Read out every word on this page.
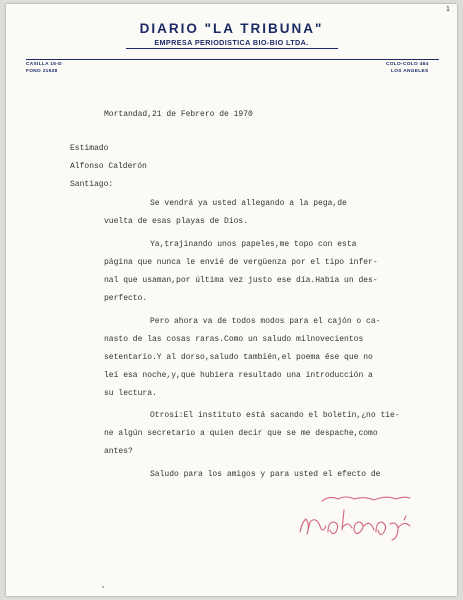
1
DIARIO "LA TRIBUNA"
EMPRESA PERIODISTICA BIO-BIO LTDA.
CASILLA 15-D
FONO 21928
COLO-COLO 464
LOS ANGELES
Mortandad,21 de Febrero de 1970
Estimado
Alfonso Calderón
Santiago:
Se vendrá ya usted allegando a la pega,de
vuelta de esas playas de Dios.
Ya,trajinando unos papeles,me topo con esta
página que nunca le envié de vergüenza por el tipo infer-
nal que usaman,por última vez justo ese día.Había un des-
perfecto.
Pero ahora va de todos modos para el cajón o ca-
nasto de las cosas raras.Como un saludo milnovecientos
setentario.Y al dorso,saludo también,el poema ése que no
leí esa noche,y,que hubiera resultado una introducción a
su lectura.
Otrosí:El instituto está sacando el boletín,¿no tie-
ne algún secretario a quien decir que se me despache,como
antes?
Saludo para los amigos y para usted el efecto de
